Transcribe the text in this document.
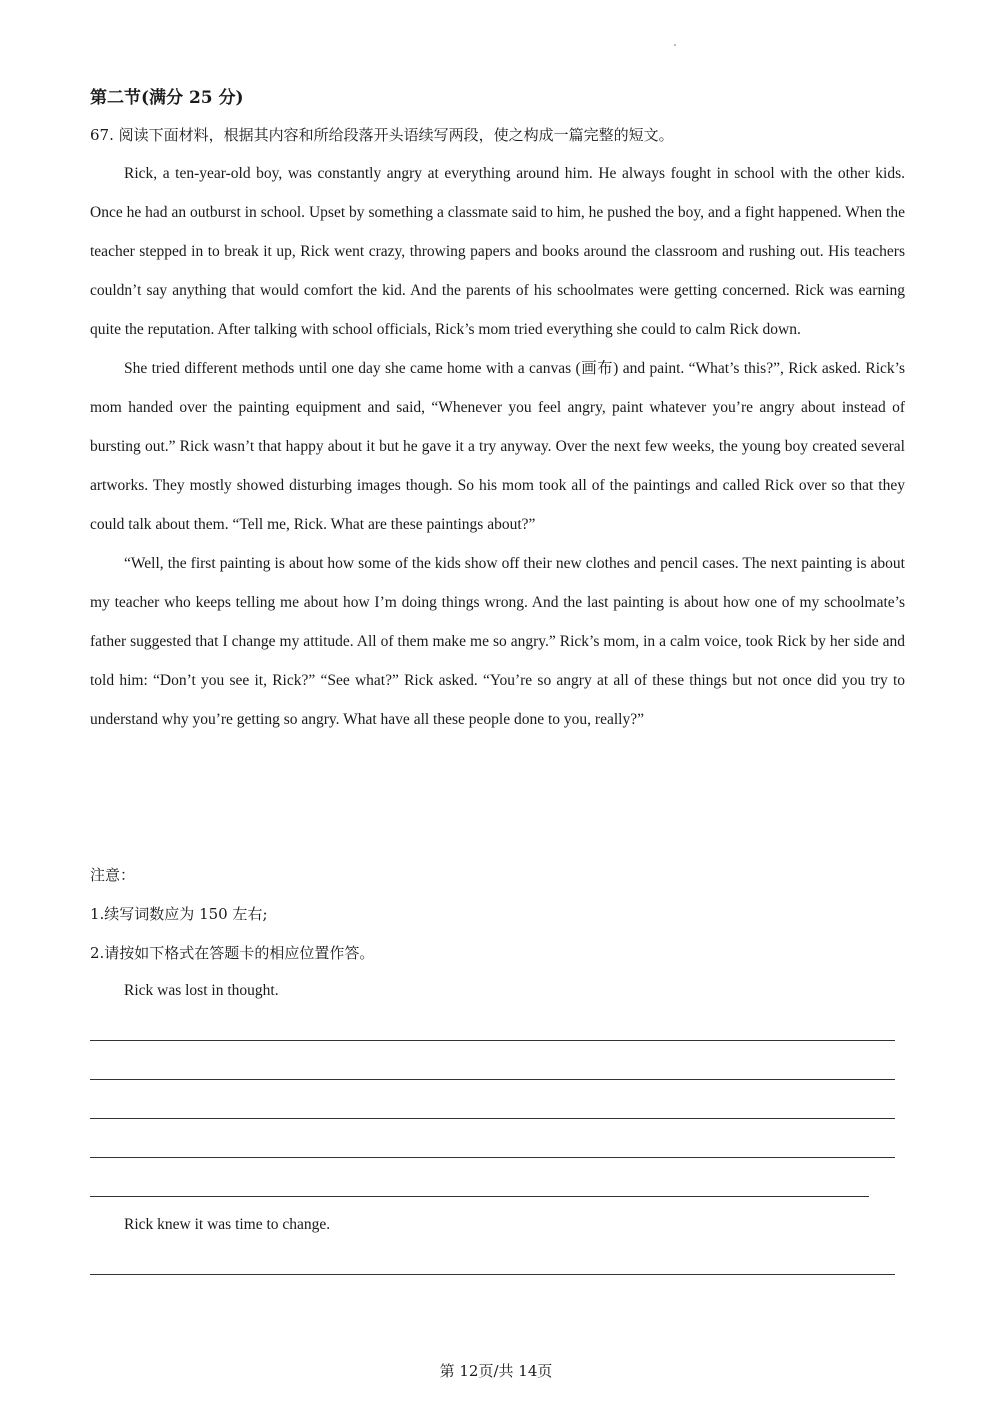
第二节(满分 25 分)
67. 阅读下面材料，根据其内容和所给段落开头语续写两段，使之构成一篇完整的短文。

Rick, a ten-year-old boy, was constantly angry at everything around him. He always fought in school with the other kids. Once he had an outburst in school. Upset by something a classmate said to him, he pushed the boy, and a fight happened. When the teacher stepped in to break it up, Rick went crazy, throwing papers and books around the classroom and rushing out. His teachers couldn’t say anything that would comfort the kid. And the parents of his schoolmates were getting concerned. Rick was earning quite the reputation. After talking with school officials, Rick’s mom tried everything she could to calm Rick down.

She tried different methods until one day she came home with a canvas (画布) and paint. “What’s this?”, Rick asked. Rick’s mom handed over the painting equipment and said, “Whenever you feel angry, paint whatever you’re angry about instead of bursting out.” Rick wasn’t that happy about it but he gave it a try anyway. Over the next few weeks, the young boy created several artworks. They mostly showed disturbing images though. So his mom took all of the paintings and called Rick over so that they could talk about them. “Tell me, Rick. What are these paintings about?”

“Well, the first painting is about how some of the kids show off their new clothes and pencil cases. The next painting is about my teacher who keeps telling me about how I’m doing things wrong. And the last painting is about how one of my schoolmate’s father suggested that I change my attitude. All of them make me so angry.” Rick’s mom, in a calm voice, took Rick by her side and told him: “Don’t you see it, Rick?” “See what?” Rick asked. “You’re so angry at all of these things but not once did you try to understand why you’re getting so angry. What have all these people done to you, really?”

注意：
1.续写词数应为 150 左右;
2.请按如下格式在答题卡的相应位置作答。
Rick was lost in thought.
Rick knew it was time to change.
第 12页/共 14页
